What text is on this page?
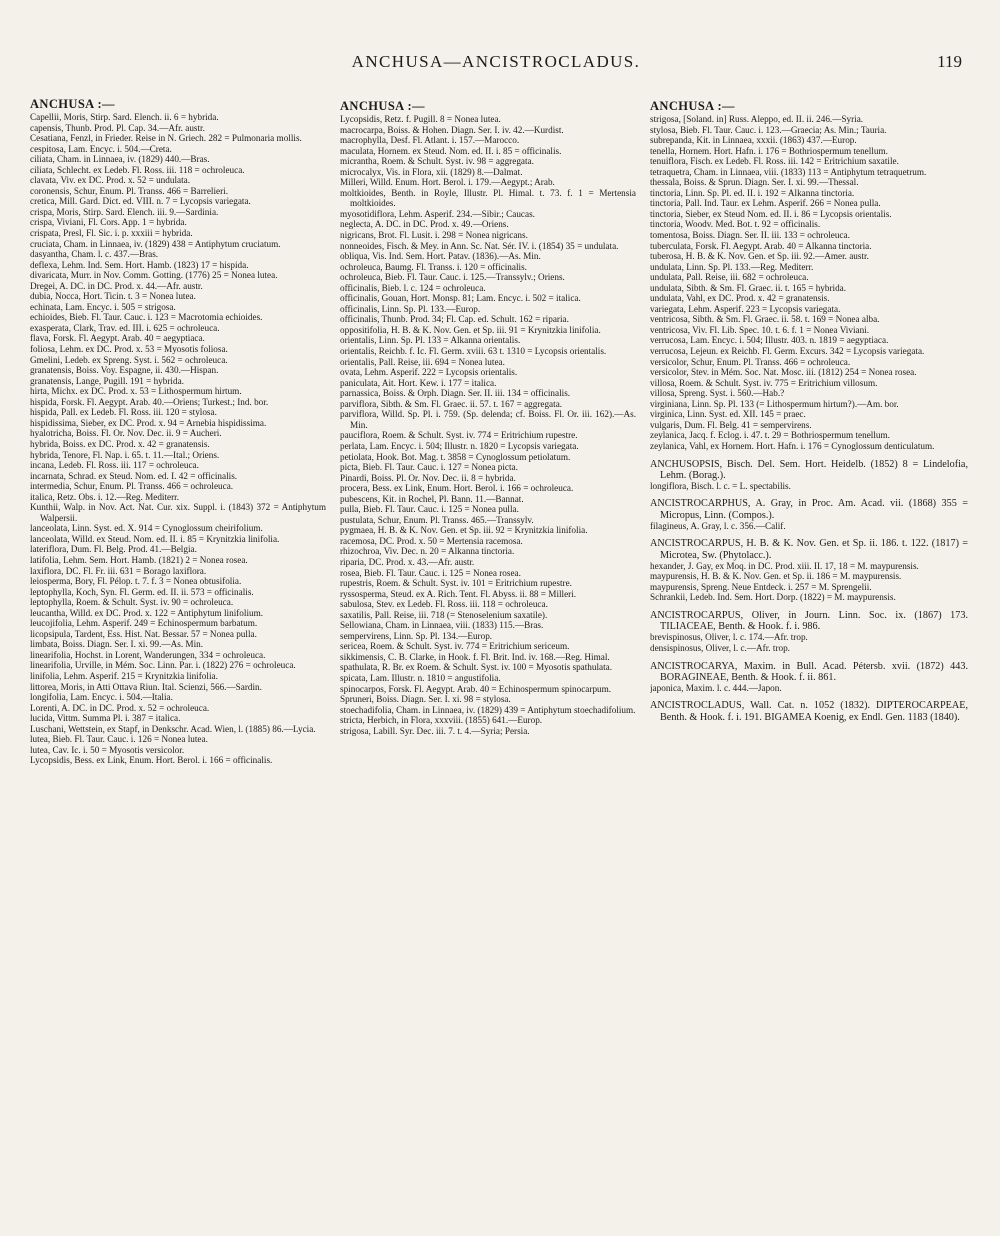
ANCHUSA—ANCISTROCLADUS.	119
ANCHUSA :—
Capellii, Moris, Stirp. Sard. Elench. ii. 6 = hybrida.
capensis, Thunb. Prod. Pl. Cap. 34.—Afr. austr.
Cesatiana, Fenzl, in Frieder. Reise in N. Griech. 282 = Pulmonaria mollis.
cespitosa, Lam. Encyc. i. 504.—Creta.
ciliata, Cham. in Linnaea, iv. (1829) 440.—Bras.
ciliata, Schlecht. ex Ledeb. Fl. Ross. iii. 118 = ochroleuca.
clavata, Viv. ex DC. Prod. x. 52 = undulata.
coronensis, Schur, Enum. Pl. Transs. 466 = Barrelieri.
cretica, Mill. Gard. Dict. ed. VIII. n. 7 = Lycopsis variegata.
crispa, Moris, Stirp. Sard. Elench. iii. 9.—Sardinia.
crispa, Viviani, Fl. Cors. App. 1 = hybrida.
crispata, Presl, Fl. Sic. i. p. xxxiii = hybrida.
cruciata, Cham. in Linnaea, iv. (1829) 438 = Antiphytum cruciatum.
dasyantha, Cham. l. c. 437.—Bras.
deflexa, Lehm. Ind. Sem. Hort. Hamb. (1823) 17 = hispida.
divaricata, Murr. in Nov. Comm. Gotting. (1776) 25 = Nonea lutea.
Dregei, A. DC. in DC. Prod. x. 44.—Afr. austr.
dubia, Nocca, Hort. Ticin. t. 3 = Nonea lutea.
echinata, Lam. Encyc. i. 505 = strigosa.
echioides, Bieb. Fl. Taur. Cauc. i. 123 = Macrotomia echioides.
exasperata, Clark, Trav. ed. III. i. 625 = ochroleuca.
flava, Forsk. Fl. Aegypt. Arab. 40 = aegyptiaca.
foliosa, Lehm. ex DC. Prod. x. 53 = Myosotis foliosa.
Gmelini, Ledeb. ex Spreng. Syst. i. 562 = ochroleuca.
granatensis, Boiss. Voy. Espagne, ii. 430.—Hispan.
granatensis, Lange, Pugill. 191 = hybrida.
hirta, Michx. ex DC. Prod. x. 53 = Lithospermum hirtum.
hispida, Forsk. Fl. Aegypt. Arab. 40.—Oriens; Turkest.; Ind. bor.
hispida, Pall. ex Ledeb. Fl. Ross. iii. 120 = stylosa.
hispidissima, Sieber, ex DC. Prod. x. 94 = Arnebia hispidissima.
hyalotricha, Boiss. Fl. Or. Nov. Dec. ii. 9 = Aucheri.
hybrida, Boiss. ex DC. Prod. x. 42 = granatensis.
hybrida, Tenore, Fl. Nap. i. 65. t. 11.—Ital.; Oriens.
incana, Ledeb. Fl. Ross. iii. 117 = ochroleuca.
incarnata, Schrad. ex Steud. Nom. ed. I. 42 = officinalis.
intermedia, Schur, Enum. Pl. Transs. 466 = ochroleuca.
italica, Retz. Obs. i. 12.—Reg. Mediterr.
Kunthii, Walp. in Nov. Act. Nat. Cur. xix. Suppl. i. (1843) 372 = Antiphytum Walpersii.
lanceolata, Linn. Syst. ed. X. 914 = Cynoglossum cheirifolium.
lanceolata, Willd. ex Steud. Nom. ed. II. i. 85 = Krynitzkia linifolia.
lateriflora, Dum. Fl. Belg. Prod. 41.—Belgia.
latifolia, Lehm. Sem. Hort. Hamb. (1821) 2 = Nonea rosea.
laxiflora, DC. Fl. Fr. iii. 631 = Borago laxiflora.
leiosperma, Bory, Fl. Pélop. t. 7. f. 3 = Nonea obtusifolia.
leptophylla, Koch, Syn. Fl. Germ. ed. II. ii. 573 = officinalis.
leptophylla, Roem. & Schult. Syst. iv. 90 = ochroleuca.
leucantha, Willd. ex DC. Prod. x. 122 = Antiphytum linifolium.
leucojifolia, Lehm. Asperif. 249 = Echinospermum barbatum.
licopsipula, Tardent, Ess. Hist. Nat. Bessar. 57 = Nonea pulla.
limbata, Boiss. Diagn. Ser. I. xi. 99.—As. Min.
linearifolia, Hochst. in Lorent, Wanderungen, 334 = ochroleuca.
linearifolia, Urville, in Mém. Soc. Linn. Par. i. (1822) 276 = ochroleuca.
linifolia, Lehm. Asperif. 215 = Krynitzkia linifolia.
littorea, Moris, in Atti Ottava Riun. Ital. Scienzi, 566.—Sardin.
longifolia, Lam. Encyc. i. 504.—Italia.
Lorenti, A. DC. in DC. Prod. x. 52 = ochroleuca.
lucida, Vittm. Summa Pl. i. 387 = italica.
Luschani, Wettstein, ex Stapf, in Denkschr. Acad. Wien, l. (1885) 86.—Lycia.
lutea, Bieb. Fl. Taur. Cauc. i. 126 = Nonea lutea.
lutea, Cav. Ic. i. 50 = Myosotis versicolor.
Lycopsidis, Bess. ex Link, Enum. Hort. Berol. i. 166 = officinalis.
ANCHUSA :—
Lycopsidis, Retz. f. Pugill. 8 = Nonea lutea.
macrocarpa, Boiss. & Hohen. Diagn. Ser. I. iv. 42.—Kurdist.
macrophylla, Desf. Fl. Atlant. i. 157.—Marocco.
maculata, Hornem. ex Steud. Nom. ed. II. i. 85 = officinalis.
micrantha, Roem. & Schult. Syst. iv. 98 = aggregata.
microcalyx, Vis. in Flora, xii. (1829) 8.—Dalmat.
Milleri, Willd. Enum. Hort. Berol. i. 179.—Aegypt.; Arab.
moltkioides, Benth. in Royle, Illustr. Pl. Himal. t. 73. f. 1 = Mertensia moltkioides.
myosotidiflora, Lehm. Asperif. 234.—Sibir.; Caucas.
neglecta, A. DC. in DC. Prod. x. 49.—Oriens.
nigricans, Brot. Fl. Lusit. i. 298 = Nonea nigricans.
nonneoides, Fisch. & Mey. in Ann. Sc. Nat. Sér. IV. i. (1854) 35 = undulata.
obliqua, Vis. Ind. Sem. Hort. Patav. (1836).—As. Min.
ochroleuca, Baumg. Fl. Transs. i. 120 = officinalis.
ochroleuca, Bieb. Fl. Taur. Cauc. i. 125.—Transsylv.; Oriens.
officinalis, Bieb. l. c. 124 = ochroleuca.
officinalis, Gouan, Hort. Monsp. 81; Lam. Encyc. i. 502 = italica.
officinalis, Linn. Sp. Pl. 133.—Europ.
officinalis, Thunb. Prod. 34; Fl. Cap. ed. Schult. 162 = riparia.
oppositifolia, H. B. & K. Nov. Gen. et Sp. iii. 91 = Krynitzkia linifolia.
orientalis, Linn. Sp. Pl. 133 = Alkanna orientalis.
orientalis, Reichb. f. Ic. Fl. Germ. xviii. 63 t. 1310 = Lycopsis orientalis.
orientalis, Pall. Reise, iii. 694 = Nonea lutea.
ovata, Lehm. Asperif. 222 = Lycopsis orientalis.
paniculata, Ait. Hort. Kew. i. 177 = italica.
parnassica, Boiss. & Orph. Diagn. Ser. II. iii. 134 = officinalis.
parviflora, Sibth. & Sm. Fl. Graec. ii. 57. t. 167 = aggregata.
parviflora, Willd. Sp. Pl. i. 759. (Sp. delenda; cf. Boiss. Fl. Or. iii. 162).—As. Min.
pauciflora, Roem. & Schult. Syst. iv. 774 = Eritrichium rupestre.
perlata, Lam. Encyc. i. 504; Illustr. n. 1820 = Lycopsis variegata.
petiolata, Hook. Bot. Mag. t. 3858 = Cynoglossum petiolatum.
picta, Bieb. Fl. Taur. Cauc. i. 127 = Nonea picta.
Pinardi, Boiss. Pl. Or. Nov. Dec. ii. 8 = hybrida.
procera, Bess. ex Link, Enum. Hort. Berol. i. 166 = ochroleuca.
pubescens, Kit. in Rochel, Pl. Bann. 11.—Bannat.
pulla, Bieb. Fl. Taur. Cauc. i. 125 = Nonea pulla.
pustulata, Schur, Enum. Pl. Transs. 465.—Transsylv.
pygmaea, H. B. & K. Nov. Gen. et Sp. iii. 92 = Krynitzkia linifolia.
racemosa, DC. Prod. x. 50 = Mertensia racemosa.
rhizochroa, Viv. Dec. n. 20 = Alkanna tinctoria.
riparia, DC. Prod. x. 43.—Afr. austr.
rosea, Bieb. Fl. Taur. Cauc. i. 125 = Nonea rosea.
rupestris, Roem. & Schult. Syst. iv. 101 = Eritrichium rupestre.
ryssosperma, Steud. ex A. Rich. Tent. Fl. Abyss. ii. 88 = Milleri.
sabulosa, Stev. ex Ledeb. Fl. Ross. iii. 118 = ochroleuca.
saxatilis, Pall. Reise, iii. 718 (= Stenoselenium saxatile).
Sellowiana, Cham. in Linnaea, viii. (1833) 115.—Bras.
sempervirens, Linn. Sp. Pl. 134.—Europ.
sericea, Roem. & Schult. Syst. iv. 774 = Eritrichium sericeum.
sikkimensis, C. B. Clarke, in Hook. f. Fl. Brit. Ind. iv. 168.—Reg. Himal.
spathulata, R. Br. ex Roem. & Schult. Syst. iv. 100 = Myosotis spathulata.
spicata, Lam. Illustr. n. 1810 = angustifolia.
spinocarpos, Forsk. Fl. Aegypt. Arab. 40 = Echinospermum spinocarpum.
Spruneri, Boiss. Diagn. Ser. I. xi. 98 = stylosa.
stoechadifolia, Cham. in Linnaea, iv. (1829) 439 = Antiphytum stoechadifolium.
stricta, Herbich, in Flora, xxxviii. (1855) 641.—Europ.
strigosa, Labill. Syr. Dec. iii. 7. t. 4.—Syria; Persia.
ANCHUSA :—
strigosa, [Soland. in] Russ. Aleppo, ed. II. ii. 246.—Syria.
stylosa, Bieb. Fl. Taur. Cauc. i. 123.—Graecia; As. Min.; Tauria.
subrepanda, Kit. in Linnaea, xxxii. (1863) 437.—Europ.
tenella, Hornem. Hort. Hafn. i. 176 = Bothriospermum tenellum.
tenuiflora, Fisch. ex Ledeb. Fl. Ross. iii. 142 = Eritrichium saxatile.
tetraquetra, Cham. in Linnaea, viii. (1833) 113 = Antiphytum tetraquetrum.
thessala, Boiss. & Sprun. Diagn. Ser. I. xi. 99.—Thessal.
tinctoria, Linn. Sp. Pl. ed. II. i. 192 = Alkanna tinctoria.
tinctoria, Pall. Ind. Taur. ex Lehm. Asperif. 266 = Nonea pulla.
tinctoria, Sieber, ex Steud Nom. ed. II. i. 86 = Lycopsis orientalis.
tinctoria, Woodv. Med. Bot. t. 92 = officinalis.
tomentosa, Boiss. Diagn. Ser. II. iii. 133 = ochroleuca.
tuberculata, Forsk. Fl. Aegypt. Arab. 40 = Alkanna tinctoria.
tuberosa, H. B. & K. Nov. Gen. et Sp. iii. 92.—Amer. austr.
undulata, Linn. Sp. Pl. 133.—Reg. Mediterr.
undulata, Pall. Reise, iii. 682 = ochroleuca.
undulata, Sibth. & Sm. Fl. Graec. ii. t. 165 = hybrida.
undulata, Vahl, ex DC. Prod. x. 42 = granatensis.
variegata, Lehm. Asperif. 223 = Lycopsis variegata.
ventricosa, Sibth. & Sm. Fl. Graec. ii. 58. t. 169 = Nonea alba.
ventricosa, Viv. Fl. Lib. Spec. 10. t. 6. f. 1 = Nonea Viviani.
verrucosa, Lam. Encyc. i. 504; Illustr. 403. n. 1819 = aegyptiaca.
verrucosa, Lejeun. ex Reichb. Fl. Germ. Excurs. 342 = Lycopsis variegata.
versicolor, Schur, Enum. Pl. Transs. 466 = ochroleuca.
versicolor, Stev. in Mém. Soc. Nat. Mosc. iii. (1812) 254 = Nonea rosea.
villosa, Roem. & Schult. Syst. iv. 775 = Eritrichium villosum.
villosa, Spreng. Syst. i. 560.—Hab.?
virginiana, Linn. Sp. Pl. 133 (= Lithospermum hirtum?).—Am. bor.
virginica, Linn. Syst. ed. XII. 145 = praec.
vulgaris, Dum. Fl. Belg. 41 = sempervirens.
zeylanica, Jacq. f. Eclog. i. 47. t. 29 = Bothriospermum tenellum.
zeylanica, Vahl, ex Hornem. Hort. Hafn. i. 176 = Cynoglossum denticulatum.
ANCHUSOPSIS, Bisch. Del. Sem. Hort. Heidelb. (1852) 8 = Lindelofia, Lehm. (Borag.).
longiflora, Bisch. l. c. = L. spectabilis.
ANCISTROCARPHUS, A. Gray, in Proc. Am. Acad. vii. (1868) 355 = Micropus, Linn. (Compos.).
filagineus, A. Gray, l. c. 356.—Calif.
ANCISTROCARPUS, H. B. & K. Nov. Gen. et Sp. ii. 186. t. 122. (1817) = Microtea, Sw. (Phytolacc.).
hexander, J. Gay, ex Moq. in DC. Prod. xiii. II. 17, 18 = M. maypurensis.
maypurensis, H. B. & K. Nov. Gen. et Sp. ii. 186 = M. maypurensis.
maypurensis, Spreng. Neue Entdeck. i. 257 = M. Sprengelii.
Schrankii, Ledeb. Ind. Sem. Hort. Dorp. (1822) = M. maypurensis.
ANCISTROCARPUS, Oliver, in Journ. Linn. Soc. ix. (1867) 173. TILIACEAE, Benth. & Hook. f. i. 986.
brevispinosus, Oliver, l. c. 174.—Afr. trop.
densispinosus, Oliver, l. c.—Afr. trop.
ANCISTROCARYA, Maxim. in Bull. Acad. Pétersb. xvii. (1872) 443. BORAGINEAE, Benth. & Hook. f. ii. 861.
japonica, Maxim. l. c. 444.—Japon.
ANCISTROCLADUS, Wall. Cat. n. 1052 (1832). DIPTEROCARPEAE, Benth. & Hook. f. i. 191. BIGAMEA Koenig, ex Endl. Gen. 1183 (1840).
